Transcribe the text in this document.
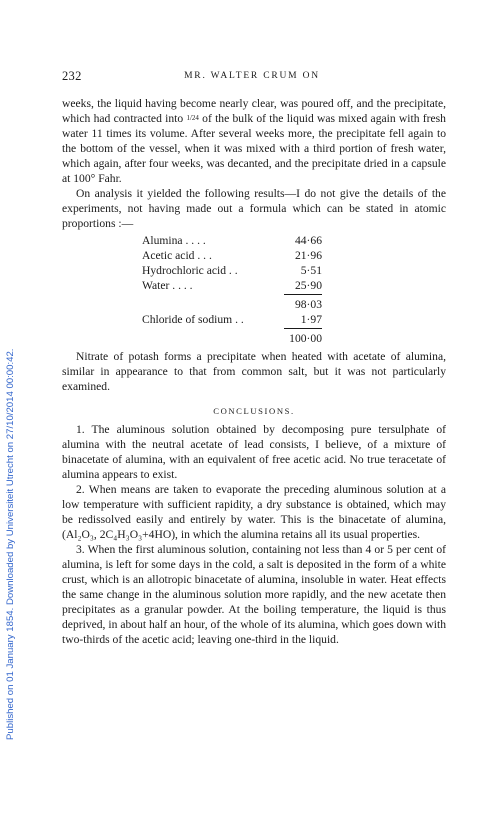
Published on 01 January 1854. Downloaded by Universiteit Utrecht on 27/10/2014 00:00:42.
232	MR. WALTER CRUM ON

weeks, the liquid having become nearly clear, was poured off, and the precipitate, which had contracted into 1/24 of the bulk of the liquid was mixed again with fresh water 11 times its volume. After several weeks more, the precipitate fell again to the bottom of the vessel, when it was mixed with a third portion of fresh water, which again, after four weeks, was decanted, and the precipitate dried in a capsule at 100° Fahr.

On analysis it yielded the following results—I do not give the details of the experiments, not having made out a formula which can be stated in atomic proportions :—

Alumina . . . .	44·66
Acetic acid . . .	21·96
Hydrochloric acid . .	5·51
Water . . . .	25·90
98·03
Chloride of sodium . .	1·97
100·00

Nitrate of potash forms a precipitate when heated with acetate of alumina, similar in appearance to that from common salt, but it was not particularly examined.

CONCLUSIONS.

1. The aluminous solution obtained by decomposing pure tersulphate of alumina with the neutral acetate of lead consists, I believe, of a mixture of binacetate of alumina, with an equivalent of free acetic acid. No true teracetate of alumina appears to exist.

2. When means are taken to evaporate the preceding aluminous solution at a low temperature with sufficient rapidity, a dry substance is obtained, which may be redissolved easily and entirely by water. This is the binacetate of alumina, (Al₂O₃, 2C₄H₃O₃+4HO), in which the alumina retains all its usual properties.

3. When the first aluminous solution, containing not less than 4 or 5 per cent of alumina, is left for some days in the cold, a salt is deposited in the form of a white crust, which is an allotropic binacetate of alumina, insoluble in water. Heat effects the same change in the aluminous solution more rapidly, and the new acetate then precipitates as a granular powder. At the boiling temperature, the liquid is thus deprived, in about half an hour, of the whole of its alumina, which goes down with two-thirds of the acetic acid; leaving one-third in the liquid.
